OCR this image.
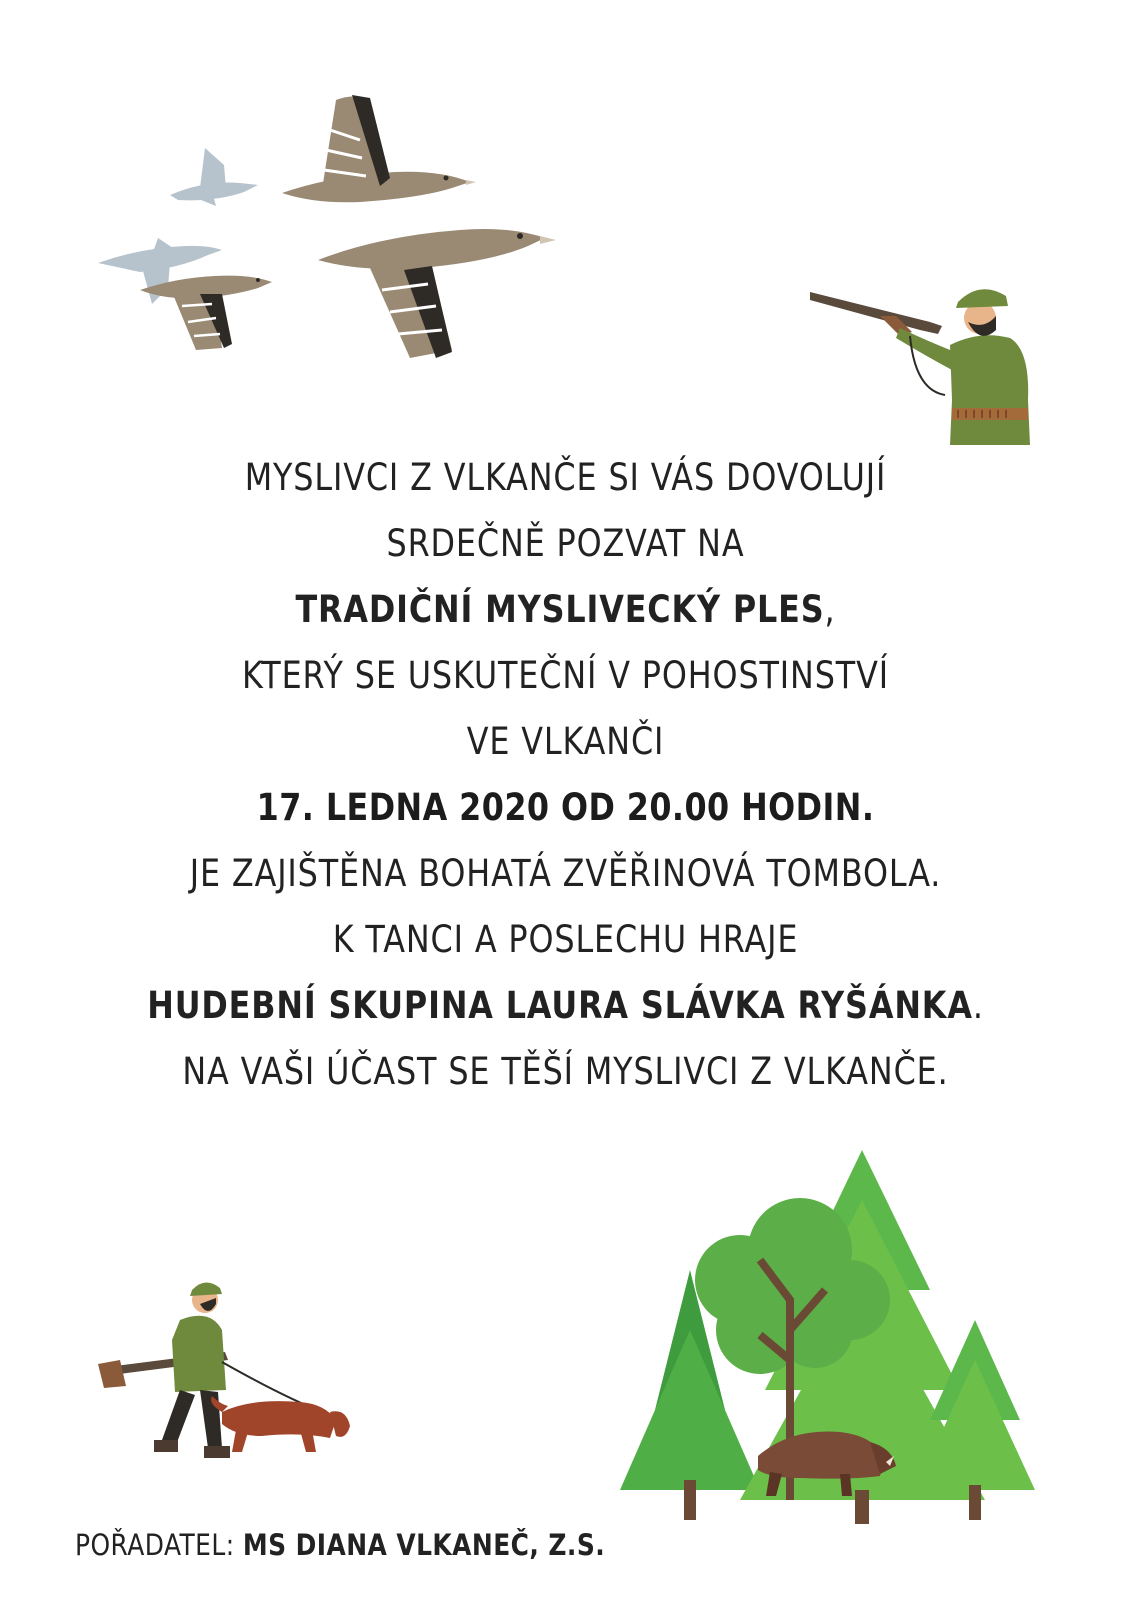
MYSLIVCI Z VLKANČE SI VÁS DOVOLUJÍ
SRDEČNĚ POZVAT NA
TRADIČNÍ MYSLIVECKÝ PLES,
KTERÝ SE USKUTEČNÍ V POHOSTINSTVÍ
VE VLKANČI
17. LEDNA 2020 OD 20.00 HODIN.
JE ZAJIŠTĚNA BOHATÁ ZVĚŘINOVÁ TOMBOLA.
K TANCI A POSLECHU HRAJE
HUDEBNÍ SKUPINA LAURA SLÁVKA RYŠÁNKA.
NA VAŠI ÚČAST SE TĚŠÍ MYSLIVCI Z VLKANČE.
POŘADATEL: MS DIANA VLKANEČ, Z.S.
